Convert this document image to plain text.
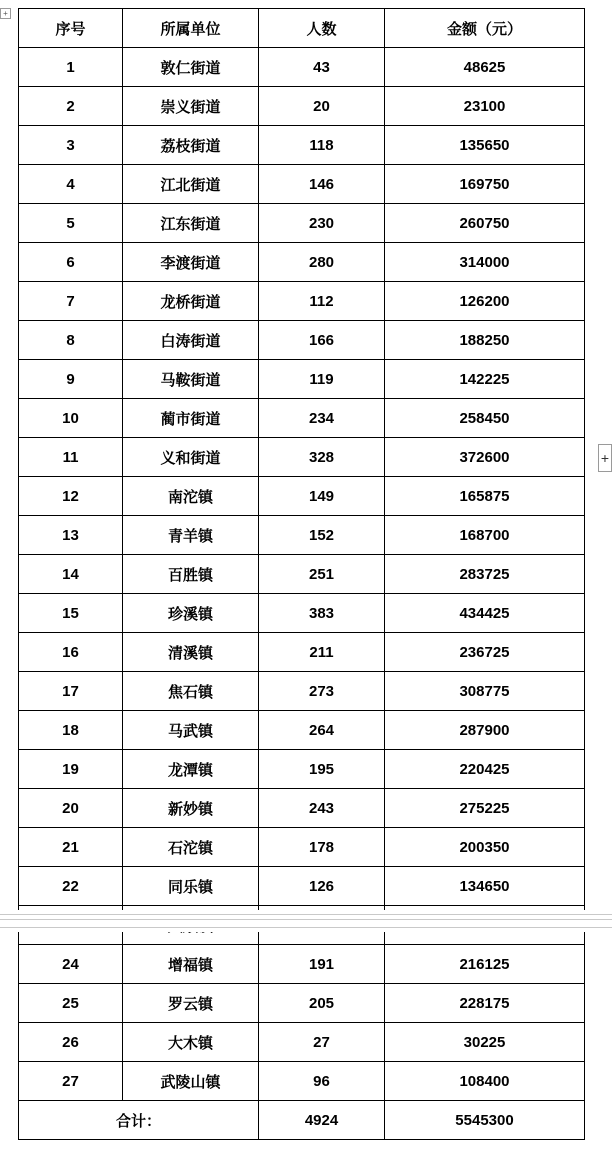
+
序号	所属单位	人数	金额（元）
1	敦仁街道	43	48625
2	崇义街道	20	23100
3	荔枝街道	118	135650
4	江北街道	146	169750
5	江东街道	230	260750
6	李渡街道	280	314000
7	龙桥街道	112	126200
8	白涛街道	166	188250
9	马鞍街道	119	142225
10	蔺市街道	234	258450
11	义和街道	328	372600
12	南沱镇	149	165875
13	青羊镇	152	168700
14	百胜镇	251	283725
15	珍溪镇	383	434425
16	清溪镇	211	236725
17	焦石镇	273	308775
18	马武镇	264	287900
19	龙潭镇	195	220425
20	新妙镇	243	275225
21	石沱镇	178	200350
22	同乐镇	126	134650

24	增福镇	191	216125
25	罗云镇	205	228175
26	大木镇	27	30225
27	武陵山镇	96	108400
合计：		4924	5545300
+
